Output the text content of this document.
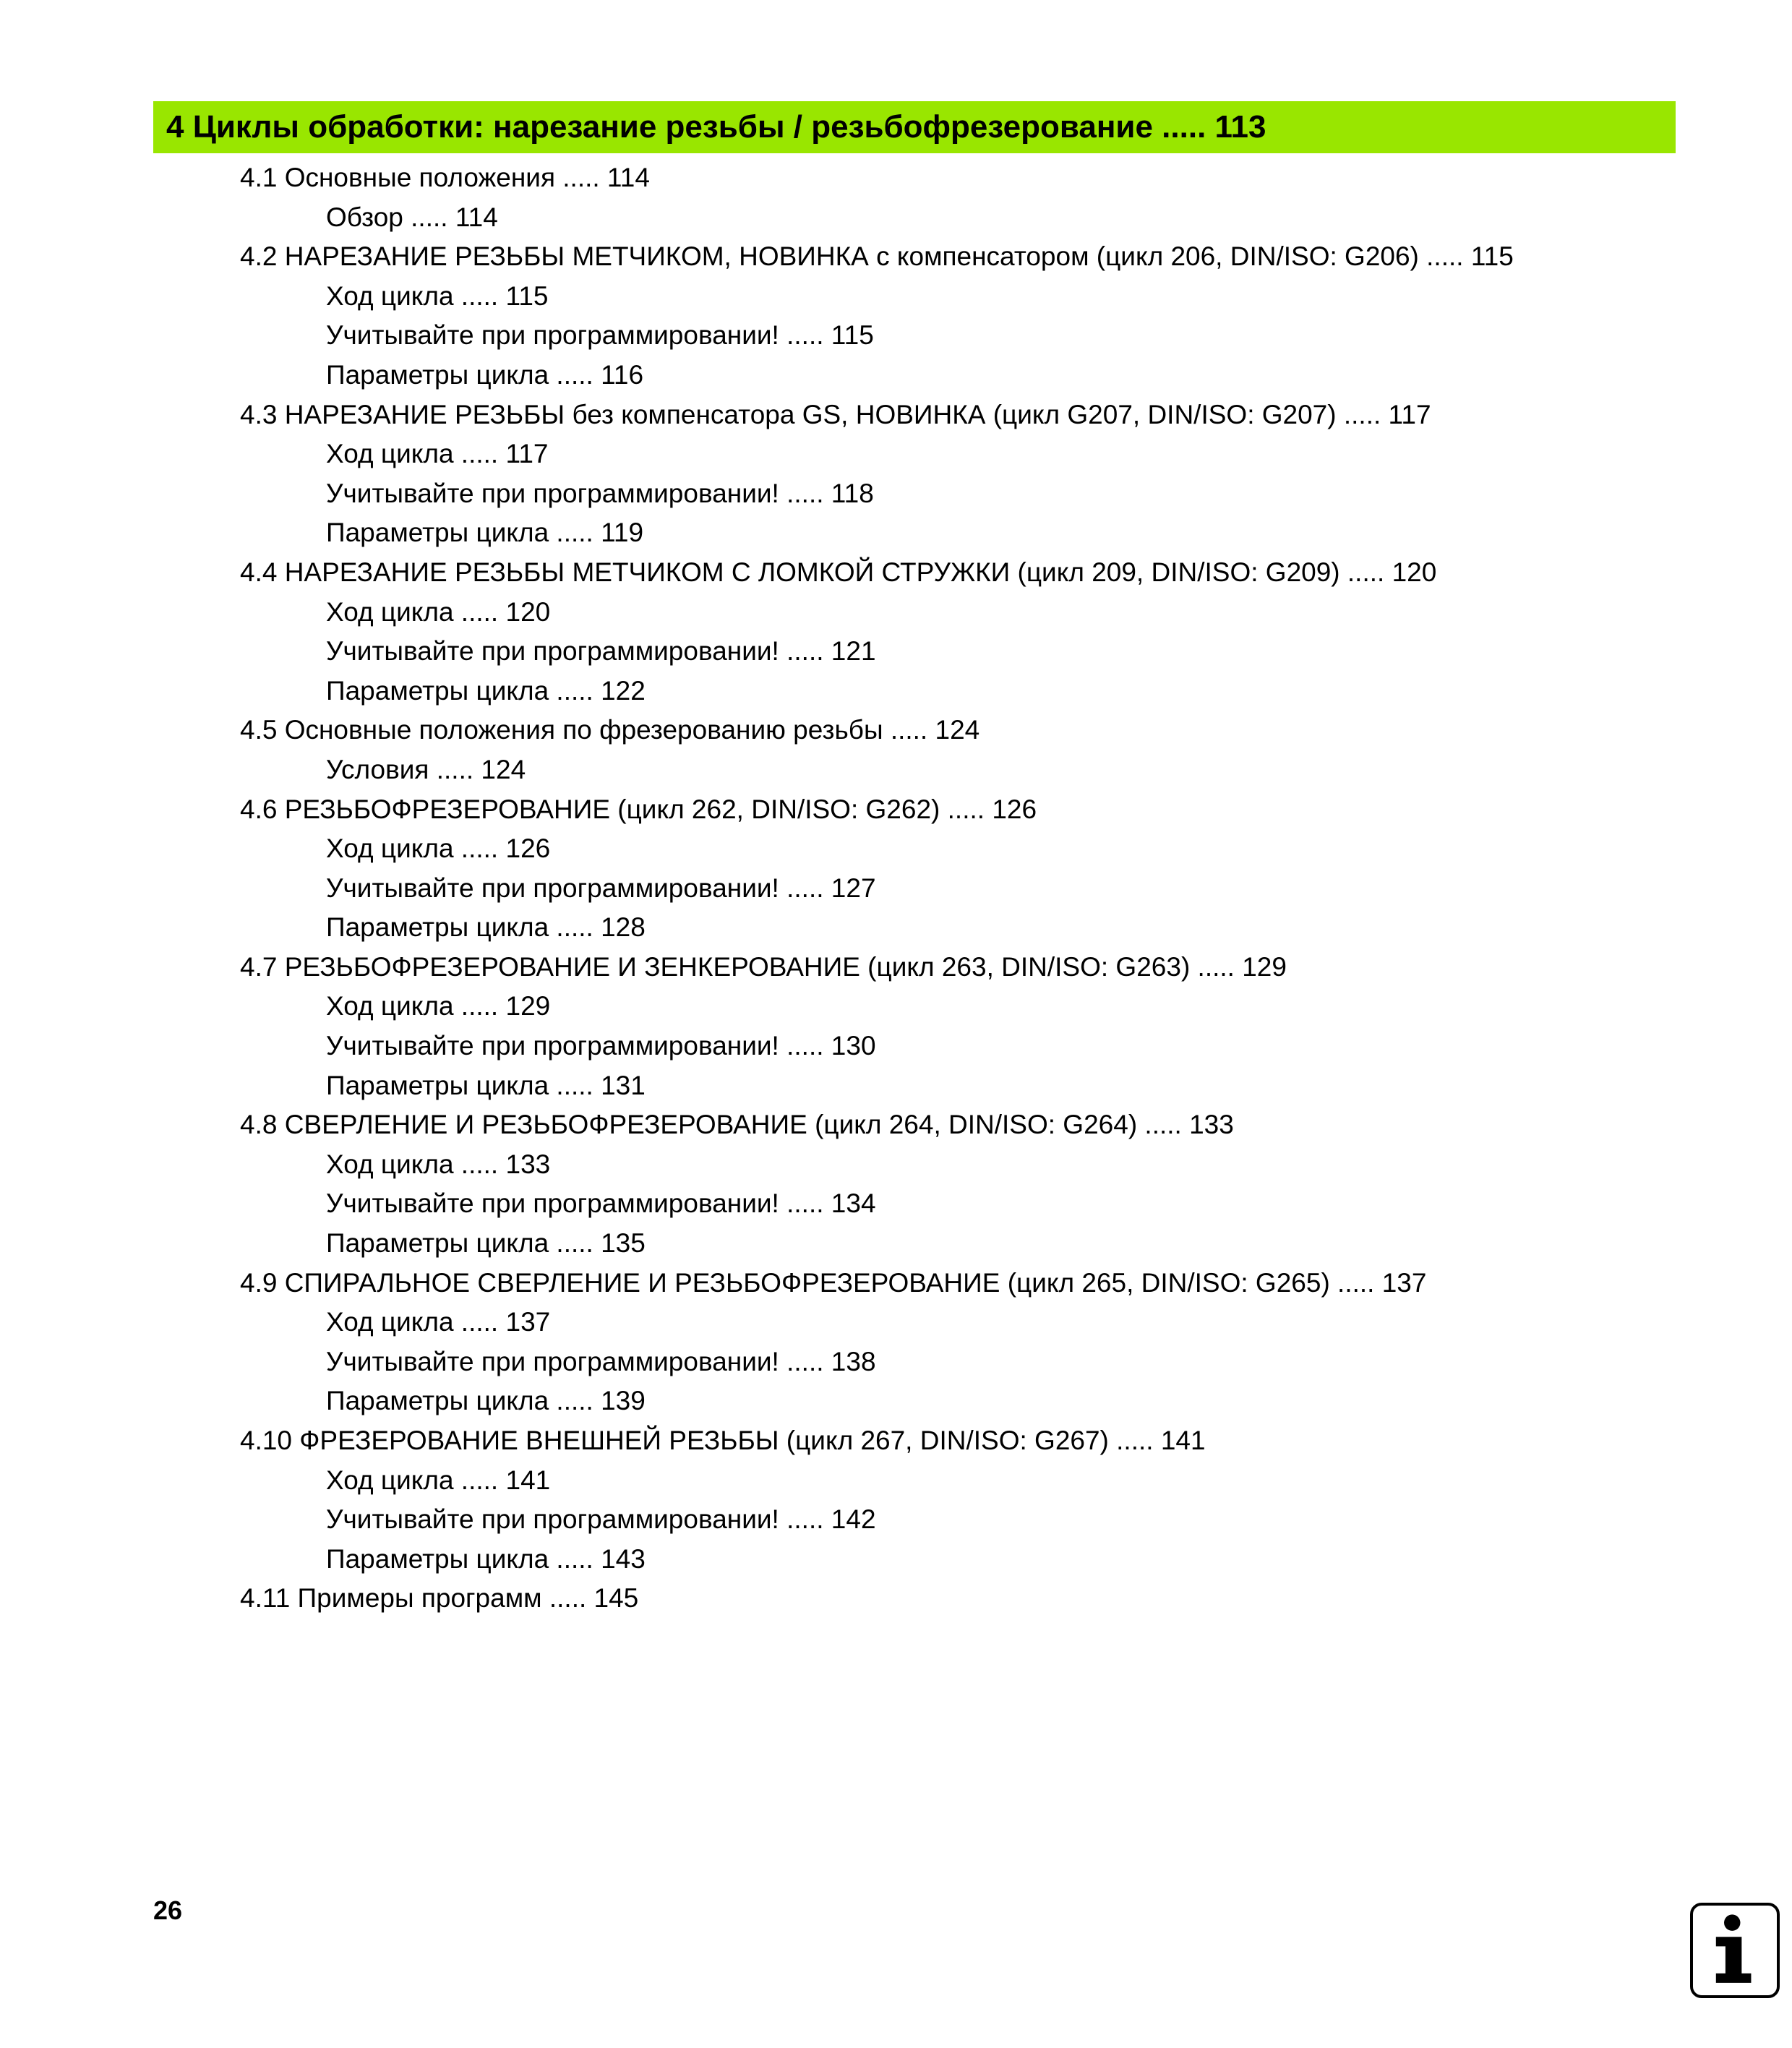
4 Циклы обработки: нарезание резьбы / резьбофрезерование ..... 113
4.1 Основные положения ..... 114
Обзор ..... 114
4.2 НАРЕЗАНИЕ РЕЗЬБЫ МЕТЧИКОМ, НОВИНКА с компенсатором (цикл 206, DIN/ISO: G206) ..... 115
Ход цикла ..... 115
Учитывайте при программировании! ..... 115
Параметры цикла ..... 116
4.3 НАРЕЗАНИЕ РЕЗЬБЫ без компенсатора GS, НОВИНКА (цикл G207, DIN/ISO: G207) ..... 117
Ход цикла ..... 117
Учитывайте при программировании! ..... 118
Параметры цикла ..... 119
4.4 НАРЕЗАНИЕ РЕЗЬБЫ МЕТЧИКОМ С ЛОМКОЙ СТРУЖКИ (цикл 209, DIN/ISO: G209) ..... 120
Ход цикла ..... 120
Учитывайте при программировании! ..... 121
Параметры цикла ..... 122
4.5 Основные положения по фрезерованию резьбы ..... 124
Условия ..... 124
4.6 РЕЗЬБОФРЕЗЕРОВАНИЕ (цикл 262, DIN/ISO: G262) ..... 126
Ход цикла ..... 126
Учитывайте при программировании! ..... 127
Параметры цикла ..... 128
4.7 РЕЗЬБОФРЕЗЕРОВАНИЕ И ЗЕНКЕРОВАНИЕ (цикл 263, DIN/ISO: G263) ..... 129
Ход цикла ..... 129
Учитывайте при программировании! ..... 130
Параметры цикла ..... 131
4.8 СВЕРЛЕНИЕ И РЕЗЬБОФРЕЗЕРОВАНИЕ (цикл 264, DIN/ISO: G264) ..... 133
Ход цикла ..... 133
Учитывайте при программировании! ..... 134
Параметры цикла ..... 135
4.9 СПИРАЛЬНОЕ СВЕРЛЕНИЕ И РЕЗЬБОФРЕЗЕРОВАНИЕ (цикл 265, DIN/ISO: G265) ..... 137
Ход цикла ..... 137
Учитывайте при программировании! ..... 138
Параметры цикла ..... 139
4.10 ФРЕЗЕРОВАНИЕ ВНЕШНЕЙ РЕЗЬБЫ (цикл 267, DIN/ISO: G267) ..... 141
Ход цикла ..... 141
Учитывайте при программировании! ..... 142
Параметры цикла ..... 143
4.11 Примеры программ ..... 145
26
